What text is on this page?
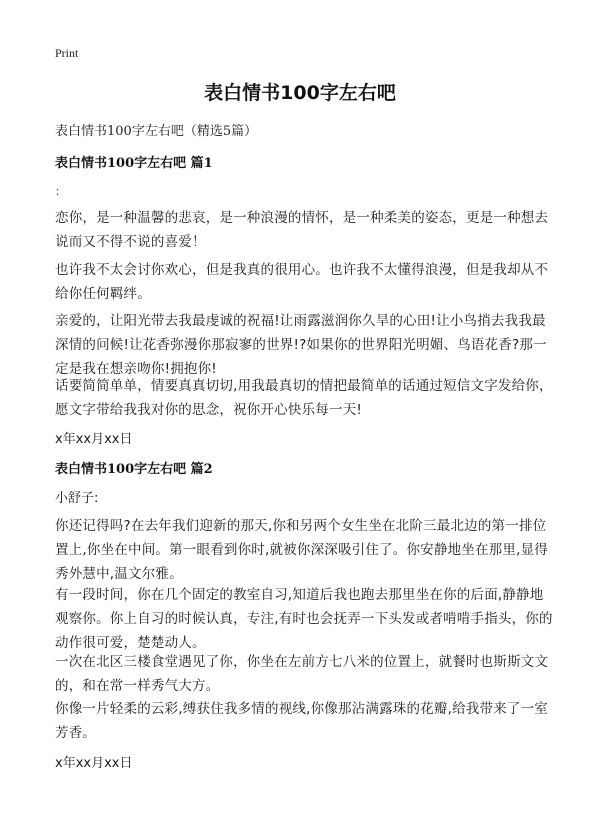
Print
表白情书100字左右吧
表白情书100字左右吧（精选5篇）
表白情书100字左右吧 篇1
：

恋你，是一种温馨的悲哀，是一种浪漫的情怀，是一种柔美的姿态，更是一种想去说而又不得不说的喜爱！

也许我不太会讨你欢心，但是我真的很用心。也许我不太懂得浪漫，但是我却从不给你任何羁绊。

亲爱的，让阳光带去我最虔诚的祝福!让雨露滋润你久旱的心田!让小鸟捎去我我最深情的问候!让花香弥漫你那寂寥的世界!?如果你的世界阳光明媚、鸟语花香?那一定是我在想亲吻你!拥抱你!

话要简简单单，情要真真切切,用我最真切的情把最简单的话通过短信文字发给你，愿文字带给我我对你的思念，祝你开心快乐每一天!

x年xx月xx日
表白情书100字左右吧 篇2
小舒子:

你还记得吗?在去年我们迎新的那天,你和另两个女生坐在北阶三最北边的第一排位置上,你坐在中间。第一眼看到你时,就被你深深吸引住了。你安静地坐在那里,显得秀外慧中,温文尔雅。

有一段时间，你在几个固定的教室自习,知道后我也跑去那里坐在你的后面,静静地观察你。你上自习的时候认真，专注,有时也会抚弄一下头发或者啃啃手指头，你的动作很可爱，楚楚动人。

一次在北区三楼食堂遇见了你，你坐在左前方七八米的位置上，就餐时也斯斯文文的，和在常一样秀气大方。

你像一片轻柔的云彩,缚获住我多情的视线,你像那沾满露珠的花瓣,给我带来了一室芳香。

x年xx月xx日
